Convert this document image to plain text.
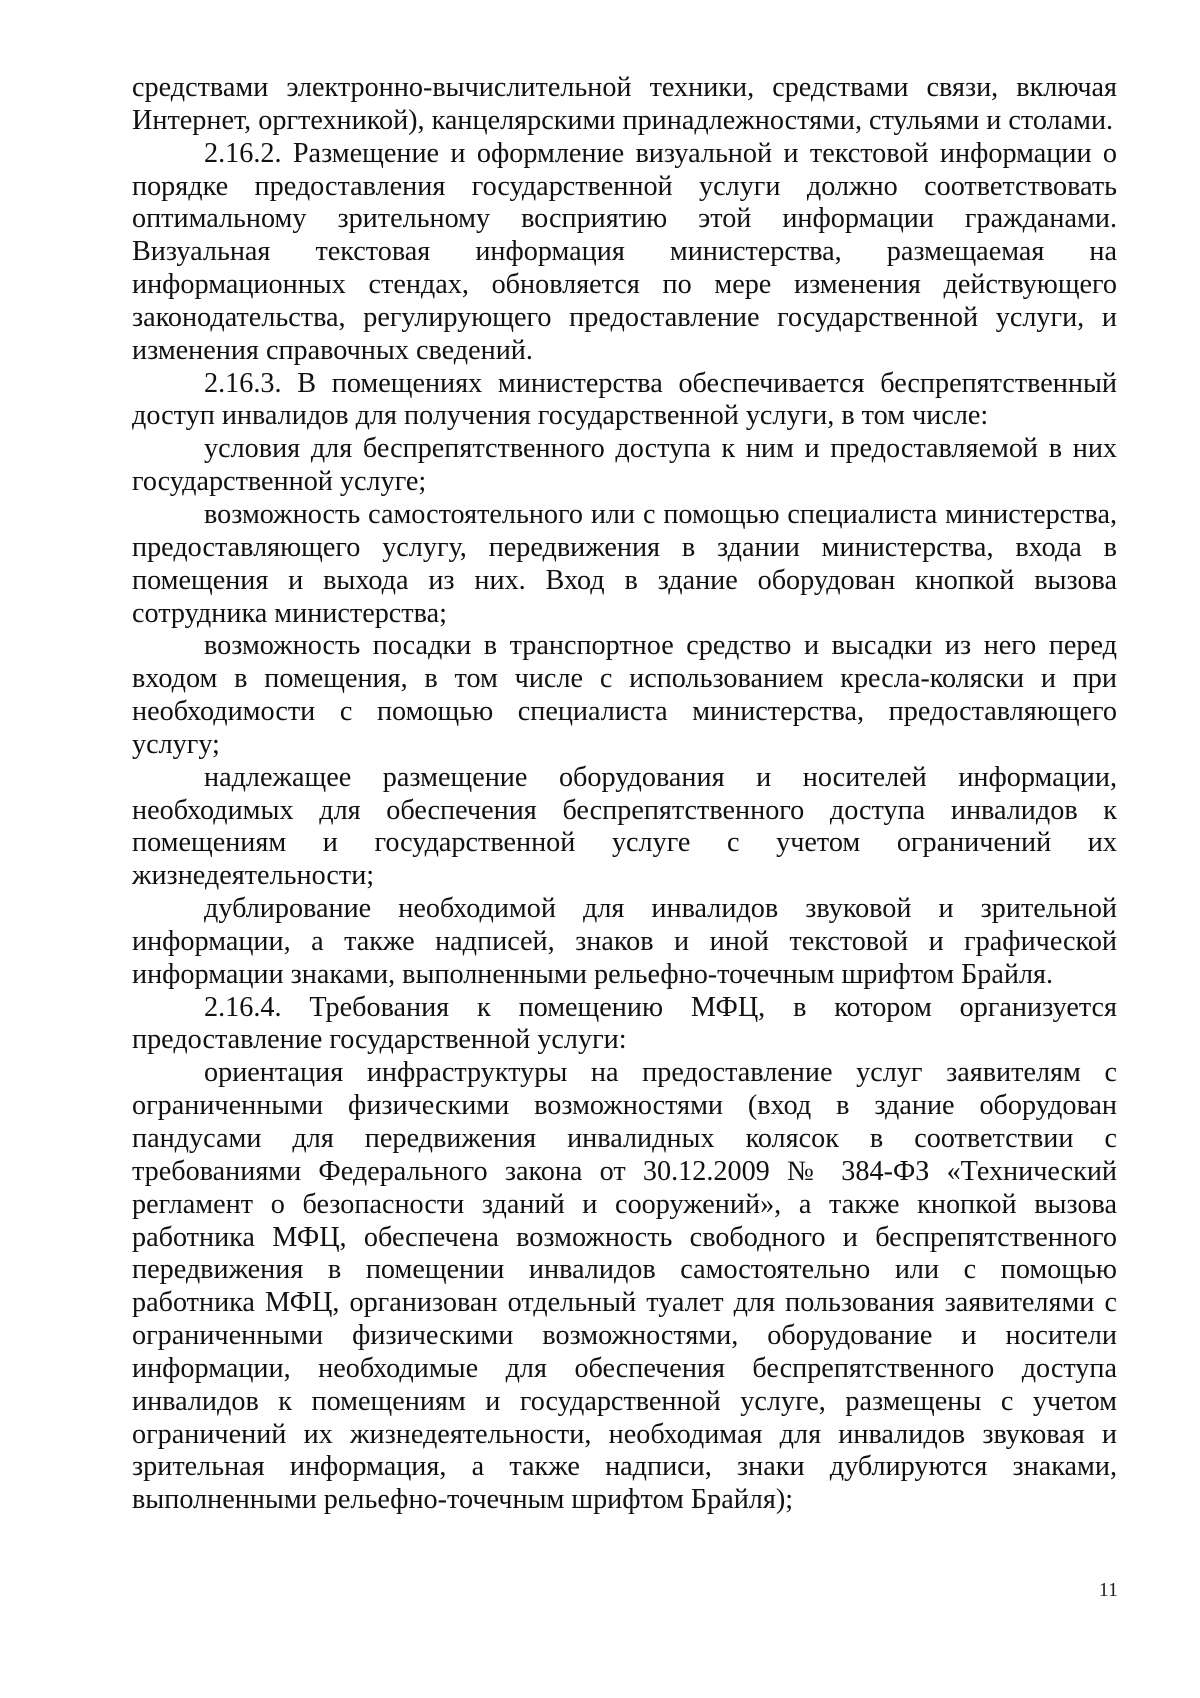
средствами электронно-вычислительной техники, средствами связи, включая Интернет, оргтехникой), канцелярскими принадлежностями, стульями и столами.

2.16.2. Размещение и оформление визуальной и текстовой информации о порядке предоставления государственной услуги должно соответствовать оптимальному зрительному восприятию этой информации гражданами. Визуальная текстовая информация министерства, размещаемая на информационных стендах, обновляется по мере изменения действующего законодательства, регулирующего предоставление государственной услуги, и изменения справочных сведений.

2.16.3. В помещениях министерства обеспечивается беспрепятственный доступ инвалидов для получения государственной услуги, в том числе:

условия для беспрепятственного доступа к ним и предоставляемой в них государственной услуге;

возможность самостоятельного или с помощью специалиста министерства, предоставляющего услугу, передвижения в здании министерства, входа в помещения и выхода из них. Вход в здание оборудован кнопкой вызова сотрудника министерства;

возможность посадки в транспортное средство и высадки из него перед входом в помещения, в том числе с использованием кресла-коляски и при необходимости с помощью специалиста министерства, предоставляющего услугу;

надлежащее размещение оборудования и носителей информации, необходимых для обеспечения беспрепятственного доступа инвалидов к помещениям и государственной услуге с учетом ограничений их жизнедеятельности;

дублирование необходимой для инвалидов звуковой и зрительной информации, а также надписей, знаков и иной текстовой и графической информации знаками, выполненными рельефно-точечным шрифтом Брайля.

2.16.4. Требования к помещению МФЦ, в котором организуется предоставление государственной услуги:

ориентация инфраструктуры на предоставление услуг заявителям с ограниченными физическими возможностями (вход в здание оборудован пандусами для передвижения инвалидных колясок в соответствии с требованиями Федерального закона от 30.12.2009 № 384-ФЗ «Технический регламент о безопасности зданий и сооружений», а также кнопкой вызова работника МФЦ, обеспечена возможность свободного и беспрепятственного передвижения в помещении инвалидов самостоятельно или с помощью работника МФЦ, организован отдельный туалет для пользования заявителями с ограниченными физическими возможностями, оборудование и носители информации, необходимые для обеспечения беспрепятственного доступа инвалидов к помещениям и государственной услуге, размещены с учетом ограничений их жизнедеятельности, необходимая для инвалидов звуковая и зрительная информация, а также надписи, знаки дублируются знаками, выполненными рельефно-точечным шрифтом Брайля);

11
